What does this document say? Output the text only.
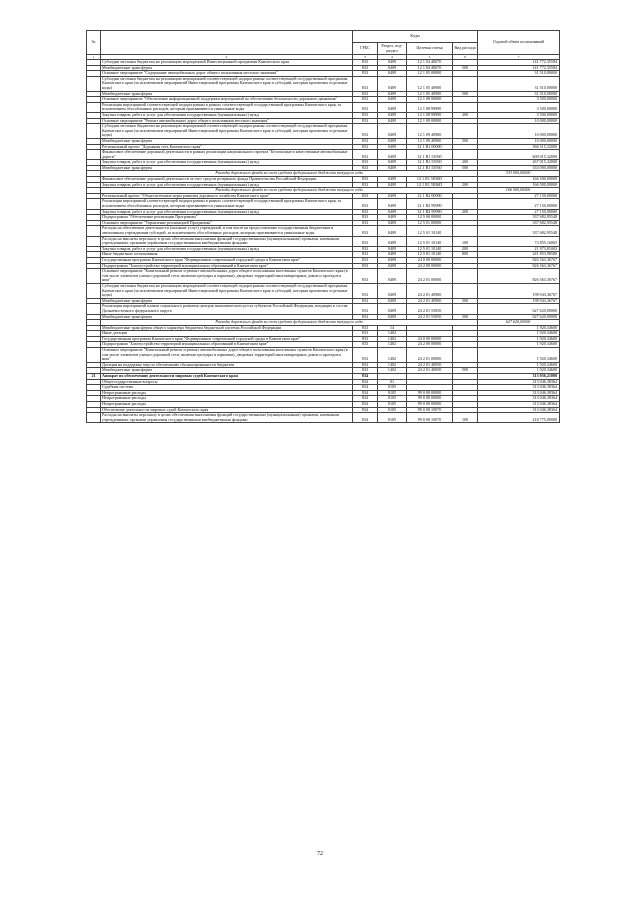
№		Коды				Годовой объем ассигнований
		ГРБС	Раздел, под-раздел	Целевая статья	Вид расхода	
1	2	3	4	5	6	7
	Субсидии местным бюджетам на реализацию мероприятий Инвестиционной программы Камчатского края	833	0409	12 1 04 40670		141 772,35584
	Межбюджетные трансферты	833	0409	12 1 04 40670	500	141 772,35584
	Основное мероприятие "Содержание автомобильных дорог общего пользования местного значения"	833	0409	12 1 05 00000		31 510,00000
	Субсидии местным бюджетам на реализацию мероприятий соответствующей подпрограммы соответствующей государственной программы Камчатского края (за исключением мероприятий Инвестиционной программы Камчатского края и субсидий, которым присвоены отдельные коды)	833	0409	12 1 05 40900		31 510,00000
	Межбюджетные трансферты	833	0409	12 1 05 40900	500	31 510,00000
	Основное мероприятие "Обеспечение информационной поддержки мероприятий по обеспечению безопасности дорожного движения"	833	0409	12 1 08 00000		3 500,00000
	Реализация мероприятий соответствующей подпрограммы в рамках соответствующей государственной программы Камчатского края, за исключением обособленных расходов, которым присваиваются уникальные коды	833	0409	12 1 08 99990		3 500,00000
	Закупка товаров, работ и услуг для обеспечения государственных (муниципальных) нужд	833	0409	12 1 08 99990	200	3 500,00000
	Основное мероприятие "Ремонт автомобильных дорог общего пользования местного значения"	833	0409	12 1 09 00000		10 000,00000
	Субсидии местным бюджетам на реализацию мероприятий соответствующей подпрограммы соответствующей государственной программы Камчатского края (за исключением мероприятий Инвестиционной программы Камчатского края и субсидий, которым присвоены отдельные коды)	833	0409	12 1 09 40900		10 000,00000
	Межбюджетные трансферты	833	0409	12 1 09 40900	500	10 000,00000
	Региональный проект "Дорожная сеть Камчатского края"	833	0409	12 1 R1 00000		366 515,32000
	Финансовое обеспечение дорожной деятельности в рамках реализации национального проекта "Безопасные и качественные автомобильные дороги"	833	0409	12 1 R1 53930		600 015,32000
	Закупка товаров, работ и услуг для обеспечения государственных (муниципальных) нужд	833	0409	12 1 R1 53930	200	267 015,32000
	Межбюджетные трансферты	833	0409	12 1 R1 53930	500	333 000,00000
	Расходы дорожного фонда за счет средств федерального бюджета текущего года					333 000,00000
	Финансовое обеспечение дорожной деятельности за счет средств резервного фонда Правительства Российской Федерации	833	0409	12 1 R1 5836D		166 500,00000
	Закупка товаров, работ и услуг для обеспечения государственных (муниципальных) нужд	833	0409	12 1 R1 5836D	200	166 500,00000
	Расходы дорожного фонда за счет средств федерального бюджета текущего года					166 500,00000
	Региональный проект "Общесистемные меры развития дорожного хозяйства Камчатского края"	833	0409	12 1 R2 00000		27 150,00000
	Реализация мероприятий соответствующей подпрограммы в рамках соответствующей государственной программы Камчатского края, за исключением обособленных расходов, которым присваиваются уникальные коды	833	0409	12 1 R2 99990		27 150,00000
	Закупка товаров, работ и услуг для обеспечения государственных (муниципальных) нужд	833	0409	12 1 R2 99990	200	27 150,00000
	Подпрограмма "Обеспечение реализации Программы"	833	0409	12 5 00 00000		337 682,95548
	Основное мероприятие "Управление реализацией Программы"	833	0409	12 5 01 00000		337 682,95548
	Расходы на обеспечение деятельности (оказание услуг) учреждений, в том числе на предоставление государственным бюджетным и автономным учреждениям субсидий, за исключением обособленных расходов, которым присваиваются уникальные коды	833	0409	12 5 01 10140		337 682,95548
	Расходы на выплаты персоналу в целях обеспечения выполнения функций государственными (муниципальными) органами, казенными учреждениями, органами управления государственными внебюджетными фондами	833	0409	12 5 01 10140	100	73 855,16065
	Закупка товаров, работ и услуг для обеспечения государственных (муниципальных) нужд	833	0409	12 5 01 10140	200	21 973,81003
	Иные бюджетные ассигнования	833	0409	12 5 01 10140	800	241 853,98580
	Государственная программа Камчатского края "Формирование современной городской среды в Камчатском крае"	833	0409	24 0 00 00000		826 563,36767
	Подпрограмма "Благоустройство территорий муниципальных образований в Камчатском крае"	833	0409	24 2 00 00000		826 563,36767
	Основное мероприятие "Капитальный ремонт и ремонт автомобильных дорог общего пользования населенных пунктов Камчатского края (в том числе элементов улично-дорожной сети, включая тротуары и парковки), дворовых территорий многоквартирных домов и проездов к ним"	833	0409	24 2 01 00000		826 563,36767
	Субсидии местным бюджетам на реализацию мероприятий соответствующей подпрограммы соответствующей государственной программы Камчатского края (за исключением мероприятий Инвестиционной программы Камчатского края и субсидий, которым присвоены отдельные коды)	833	0409	24 2 01 40900		198 943,36767
	Межбюджетные трансферты	833	0409	24 2 01 40900	500	198 943,36767
	Реализация мероприятий планов социального развития центров экономического роста субъектов Российской Федерации, входящих в состав Дальневосточного федерального округа	833	0409	24 2 01 55050		627 620,00000
	Межбюджетные трансферты	833	0409	24 2 01 55050	500	627 620,00000
	Расходы дорожного фонда за счет средств федерального бюджета текущего года					627 620,00000
	Межбюджетные трансферты общего характера бюджетам бюджетной системы Российской Федерации	833	14			1 920,34600
	Иные дотации	833	1402			1 920,34600
	Государственная программа Камчатского края "Формирование современной городской среды в Камчатском крае"	833	1402	24 0 00 00000		1 920,34600
	Подпрограмма "Благоустройство территорий муниципальных образований в Камчатском крае"	833	1402	24 2 00 00000		1 920,34600
	Основное мероприятие "Капитальный ремонт и ремонт автомобильных дорог общего пользования населенных пунктов Камчатского края (в том числе элементов улично-дорожной сети, включая тротуары и парковки), дворовых территорий многоквартирных домов и проездов к ним"	833	1402	24 2 01 00000		1 920,34600
	Дотации на поддержку мер по обеспечению сбалансированности бюджетов	833	1402	24 2 01 40050		1 920,34600
	Межбюджетные трансферты	833	1402	24 2 01 40050	500	1 920,34600
21	Аппарат по обеспечению деятельности мировых судей Камчатского края	834				313 056,21000
	Общегосударственные вопросы	834	01			313 046,38364
	Судебная система	834	0105			313 046,38364
	Непрограммные расходы	834	0105	99 0 00 00000		313 046,38364
	Непрограммные расходы	834	0105	99 0 00 00000		313 046,38364
	Непрограммные расходы	834	0105	99 0 00 00000		313 046,38364
	Обеспечение деятельности мировых судей Камчатского края	834	0105	99 0 00 10070		313 046,38364
	Расходы на выплаты персоналу в целях обеспечения выполнения функций государственными (муниципальными) органами, казенными учреждениями, органами управления государственными внебюджетными фондами	834	0105	99 0 00 10070	100	218 775,00000
72
